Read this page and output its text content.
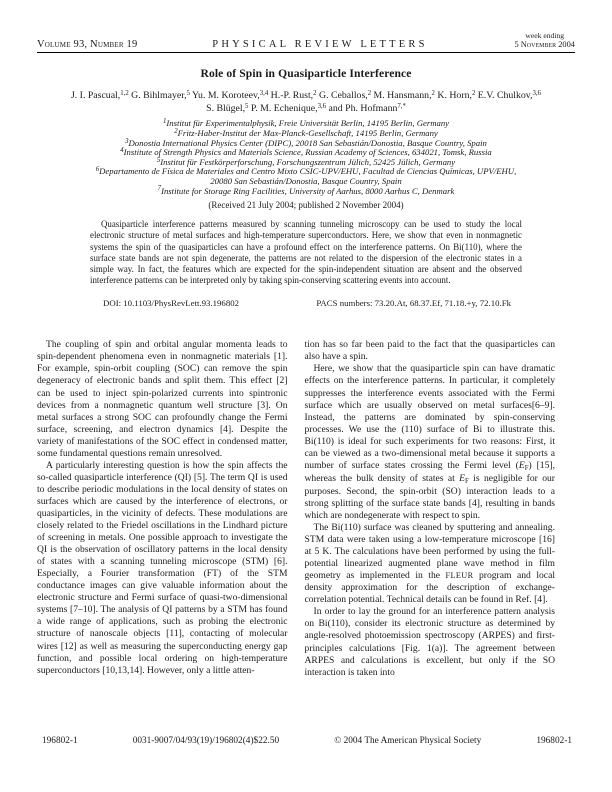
Volume 93, Number 19	PHYSICAL REVIEW LETTERS
week ending
5 November 2004
Role of Spin in Quasiparticle Interference
J. I. Pascual,$^{1,2}$ G. Bihlmayer,$^5$ Yu. M. Koroteev,$^{3,4}$ H.-P. Rust,$^2$ G. Ceballos,$^2$ M. Hansmann,$^2$ K. Horn,$^2$ E.V. Chulkov,$^{3,6}$
S. Blügel,$^5$ P. M. Echenique,$^{3,6}$ and Ph. Hofmann$^{7,*}$
$^1$Institut für Experimentalphysik, Freie Universität Berlin, 14195 Berlin, Germany
$^2$Fritz-Haber-Institut der Max-Planck-Gesellschaft, 14195 Berlin, Germany
$^3$Donostia International Physics Center (DIPC), 20018 San Sebastián/Donostia, Basque Country, Spain
$^4$Institute of Strength Physics and Materials Science, Russian Academy of Sciences, 634021, Tomsk, Russia
$^5$Institut für Festkörperforschung, Forschungszentrum Jülich, 52425 Jülich, Germany
$^6$Departamento de Física de Materiales and Centro Mixto CSIC-UPV/EHU, Facultad de Ciencias Químicas, UPV/EHU,
20080 San Sebastián/Donostia, Basque Country, Spain
$^7$Institute for Storage Ring Facilities, University of Aarhus, 8000 Aarhus C, Denmark
(Received 21 July 2004; published 2 November 2004)
Quasiparticle interference patterns measured by scanning tunneling microscopy can be used to study the local electronic structure of metal surfaces and high-temperature superconductors. Here, we show that even in nonmagnetic systems the spin of the quasiparticles can have a profound effect on the interference patterns. On Bi(110), where the surface state bands are not spin degenerate, the patterns are not related to the dispersion of the electronic states in a simple way. In fact, the features which are expected for the spin-independent situation are absent and the observed interference patterns can be interpreted only by taking spin-conserving scattering events into account.
DOI: 10.1103/PhysRevLett.93.196802	PACS numbers: 73.20.At, 68.37.Ef, 71.18.+y, 72.10.Fk

The coupling of spin and orbital angular momenta leads to spin-dependent phenomena even in nonmagnetic materials [1]. For example, spin-orbit coupling (SOC) can remove the spin degeneracy of electronic bands and split them. This effect [2] can be used to inject spin-polarized currents into spintronic devices from a nonmagnetic quantum well structure [3]. On metal surfaces a strong SOC can profoundly change the Fermi surface, screening, and electron dynamics [4]. Despite the variety of manifestations of the SOC effect in condensed matter, some fundamental questions remain unresolved.

A particularly interesting question is how the spin affects the so-called quasiparticle interference (QI) [5]. The term QI is used to describe periodic modulations in the local density of states on surfaces which are caused by the interference of electrons, or quasiparticles, in the vicinity of defects. These modulations are closely related to the Friedel oscillations in the Lindhard picture of screening in metals. One possible approach to investigate the QI is the observation of oscillatory patterns in the local density of states with a scanning tunneling microscope (STM) [6]. Especially, a Fourier transformation (FT) of the STM conductance images can give valuable information about the electronic structure and Fermi surface of quasi-two-dimensional systems [7–10]. The analysis of QI patterns by a STM has found a wide range of applications, such as probing the electronic structure of nanoscale objects [11], contacting of molecular wires [12] as well as measuring the superconducting energy gap function, and possible local ordering on high-temperature superconductors [10,13,14]. However, only a little atten-

tion has so far been paid to the fact that the quasiparticles can also have a spin.

Here, we show that the quasiparticle spin can have dramatic effects on the interference patterns. In particular, it completely suppresses the interference events associated with the Fermi surface which are usually observed on metal surfaces[6–9]. Instead, the patterns are dominated by spin-conserving processes. We use the (110) surface of Bi to illustrate this. Bi(110) is ideal for such experiments for two reasons: First, it can be viewed as a two-dimensional metal because it supports a number of surface states crossing the Fermi level $(E_F)$ [15], whereas the bulk density of states at $E_F$ is negligible for our purposes. Second, the spin-orbit (SO) interaction leads to a strong splitting of the surface state bands [4], resulting in bands which are nondegenerate with respect to spin.

The Bi(110) surface was cleaned by sputtering and annealing. STM data were taken using a low-temperature microscope [16] at 5 K. The calculations have been performed by using the full-potential linearized augmented plane wave method in film geometry as implemented in the FLEUR program and local density approximation for the description of exchange-correlation potential. Technical details can be found in Ref. [4].

In order to lay the ground for an interference pattern analysis on Bi(110), consider its electronic structure as determined by angle-resolved photoemission spectroscopy (ARPES) and first-principles calculations [Fig. 1(a)]. The agreement between ARPES and calculations is excellent, but only if the SO interaction is taken into

196802-1	0031-9007/04/93(19)/196802(4)$22.50	© 2004 The American Physical Society	196802-1
